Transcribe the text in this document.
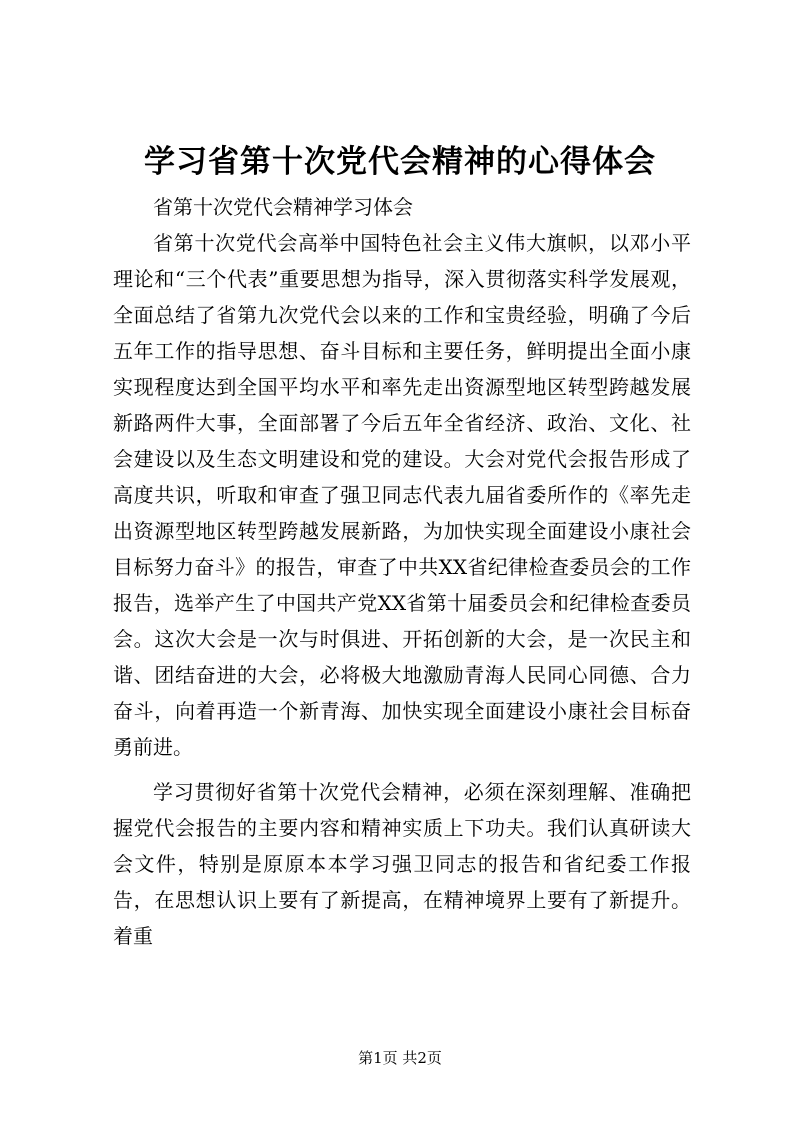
学习省第十次党代会精神的心得体会

省第十次党代会精神学习体会

省第十次党代会高举中国特色社会主义伟大旗帜，以邓小平理论和“三个代表”重要思想为指导，深入贯彻落实科学发展观，全面总结了省第九次党代会以来的工作和宝贵经验，明确了今后五年工作的指导思想、奋斗目标和主要任务，鲜明提出全面小康实现程度达到全国平均水平和率先走出资源型地区转型跨越发展新路两件大事，全面部署了今后五年全省经济、政治、文化、社会建设以及生态文明建设和党的建设。大会对党代会报告形成了高度共识，听取和审查了强卫同志代表九届省委所作的《率先走出资源型地区转型跨越发展新路，为加快实现全面建设小康社会目标努力奋斗》的报告，审查了中共XX省纪律检查委员会的工作报告，选举产生了中国共产党XX省第十届委员会和纪律检查委员会。这次大会是一次与时俱进、开拓创新的大会，是一次民主和谐、团结奋进的大会，必将极大地激励青海人民同心同德、合力奋斗，向着再造一个新青海、加快实现全面建设小康社会目标奋勇前进。

学习贯彻好省第十次党代会精神，必须在深刻理解、准确把握党代会报告的主要内容和精神实质上下功夫。我们认真研读大会文件，特别是原原本本学习强卫同志的报告和省纪委工作报告，在思想认识上要有了新提高，在精神境界上要有了新提升。着重

第1页 共2页
